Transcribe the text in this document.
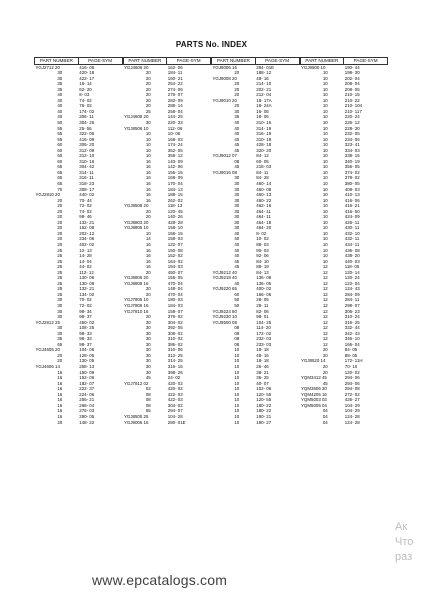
PARTS No. INDEX
PART NUMBER	PAGE-SYM
YGJ2712 20	416- 06
30	420- 18
30	422- 17
35	16- 14
35	62- 20
40	8- 03
40	74- 02
40	76- 02
40	174- 02
40	306- 11
50	304- 26
55	25- 56
55	322- 06
55	416- 09
60	306- 20
60	312- 09
60	312- 10
60	310- 16
65	304- 42
65	314- 11
65	316- 11
65	318- 23
70	308- 17
YGJ2810 20	440- 02
20	70- 44
20	72- 02
20	74- 02
20	98- 46
20	132- 21
20	152- 08
20	202- 12
20	234- 06
20	402- 02
25	12- 13
25	14- 28
25	14- 04
25	44- 02
25	112- 12
25	130- 06
25	130- 08
25	132- 21
25	134- 02
30	70- 02
30	72- 02
30	98- 34
30	98- 37
YGJ2812 25	450- 02
30	108- 25
30	98- 33
35	98- 33
65	98- 37
YGJ4605 20	104- 06
20	128- 05
20	130- 05
YGJ4606 14	258- 13
16	150- 09
16	152- 06
16	182- 07
16	222- 37
16	224- 06
16	256- 21
16	268- 04
16	276- 03
16	290- 05
20	148- 22
PART NUMBER	PAGE-SYM
YGJ4606 20	162- 06
20	184- 11
20	160- 21
20	254- 22
20	274- 06
20	276- 07
20	282- 09
20	288- 14
25	258- 04
YGJ4608 20	144- 25
30	220- 33
YGJ8506 10	112- 06
10	10- 06
10	168- 03
10	174- 24
10	352- 05
10	358- 12
16	140- 09
16	142- 06
16	156- 15
16	168- 09
16	170- 04
16	184- 13
16	188- 15
16	262- 02
YGJ8508 20	118- 13
20	120- 45
20	140- 26
YGJ8803 20	428- 28
YGJ8805 10	158- 10
10	158- 15
14	158- 03
16	122- 07
16	150- 08
16	152- 02
16	164- 02
16	194- 03
20	450- 07
YGJ8806 20	156- 05
YGJ8808 16	470- 04
20	148- 04
20	470- 04
YGJ7805 10	180- 03
YGJ7806 16	184- 03
YGJ7810 16	158- 07
20	376- 02
30	304- 02
30	392- 05
30	308- 02
30	310- 02
30	386- 02
30	310- 06
30	312- 25
30	314- 25
30	316- 15
30	398- 26
45	24- 02
YGJ7812 02	420- 02
02	420- 02
08	422- 03
08	422- 03
08	304- 02
55	294- 07
YGJ8505 25	104- 28
YGJ9006 16	280- 01E
PART NUMBER	PAGE-SYM
YGJ8006 16	284- 01E
20	188- 12
YGJ9008 20	48- 16
20	214- 10
20	202- 21
20	212- 04
YGJ9010 20	18- 17A
20	18- 24A
30	16- 05
35	18- 05
40	310- 16
40	314- 19
40	316- 19
40	310- 19
45	428- 18
45	320- 20
YGJ9012 07	84- 12
08	60- 05
45	218- 03
YGJ9016 08	84- 11
30	84- 28
30	460- 14
30	460- 08
30	460- 13
30	460- 22
30	462- 16
30	464- 11
30	464- 11
30	464- 18
30	464- 20
40	8- 02
40	10- 02
40	88- 03
40	90- 03
40	92- 06
45	84- 10
45	88- 19
YGJ9212 40	84- 13
YGJ9218 40	136- 08
40	136- 05
YGJ9220 65	400- 02
60	166- 06
50	28- 05
50	28- 11
YGJ9224 80	82- 06
YGJ9230 10	98- 01
YGJ9500 08	104- 25
08	114- 20
08	172- 02
08	232- 03
08	233- 03
10	18- 18
10	48- 16
10	18- 18
10	26- 46
10	38- 21
10	36- 25
10	40- 07
10	102- 06
10	120- 55
10	120- 55
10	180- 22
10	180- 22
10	190- 21
10	190- 27
PART NUMBER	PAGE-SYM
YGJ9500 10	190- 44
10	198- 30
10	202- 04
10	208- 04
10	208- 05
10	210- 15
10	210- 22
10	210- 104
10	210- 117
10	220- 24
10	226- 12
10	228- 30
10	232- 05
10	234- 06
10	323- 41
10	334- 03
10	338- 15
10	340- 19
10	356- 05
10	374- 02
10	378- 02
10	380- 05
10	408- 03
10	410- 13
10	416- 06
10	416- 21
10	416- 50
10	424- 09
10	426- 11
10	430- 11
10	432- 10
10	432- 11
10	434- 11
10	436- 08
10	438- 20
10	440- 03
12	118- 05
12	120- 14
12	120- 24
12	122- 04
12	124- 43
12	284- 09
12	284- 11
12	298- 07
12	306- 23
12	310- 24
12	316- 25
12	332- 44
12	342- 43
12	346- 10
12	166- 04
20	84- 05
20	88- 05
YGJ8520 14	172- 11H
20	70- 10
20	120- 02
YQM3412 45	294- 06
45	294- 06
YQM3606 20	294- 08
YQM4205 16	272- 02
YQM5003 03	426- 27
YQM5005 04	104- 29
04	104- 29
04	124- 28
04	124- 28
www.epcatalogs.com
Ак
Что
раз
